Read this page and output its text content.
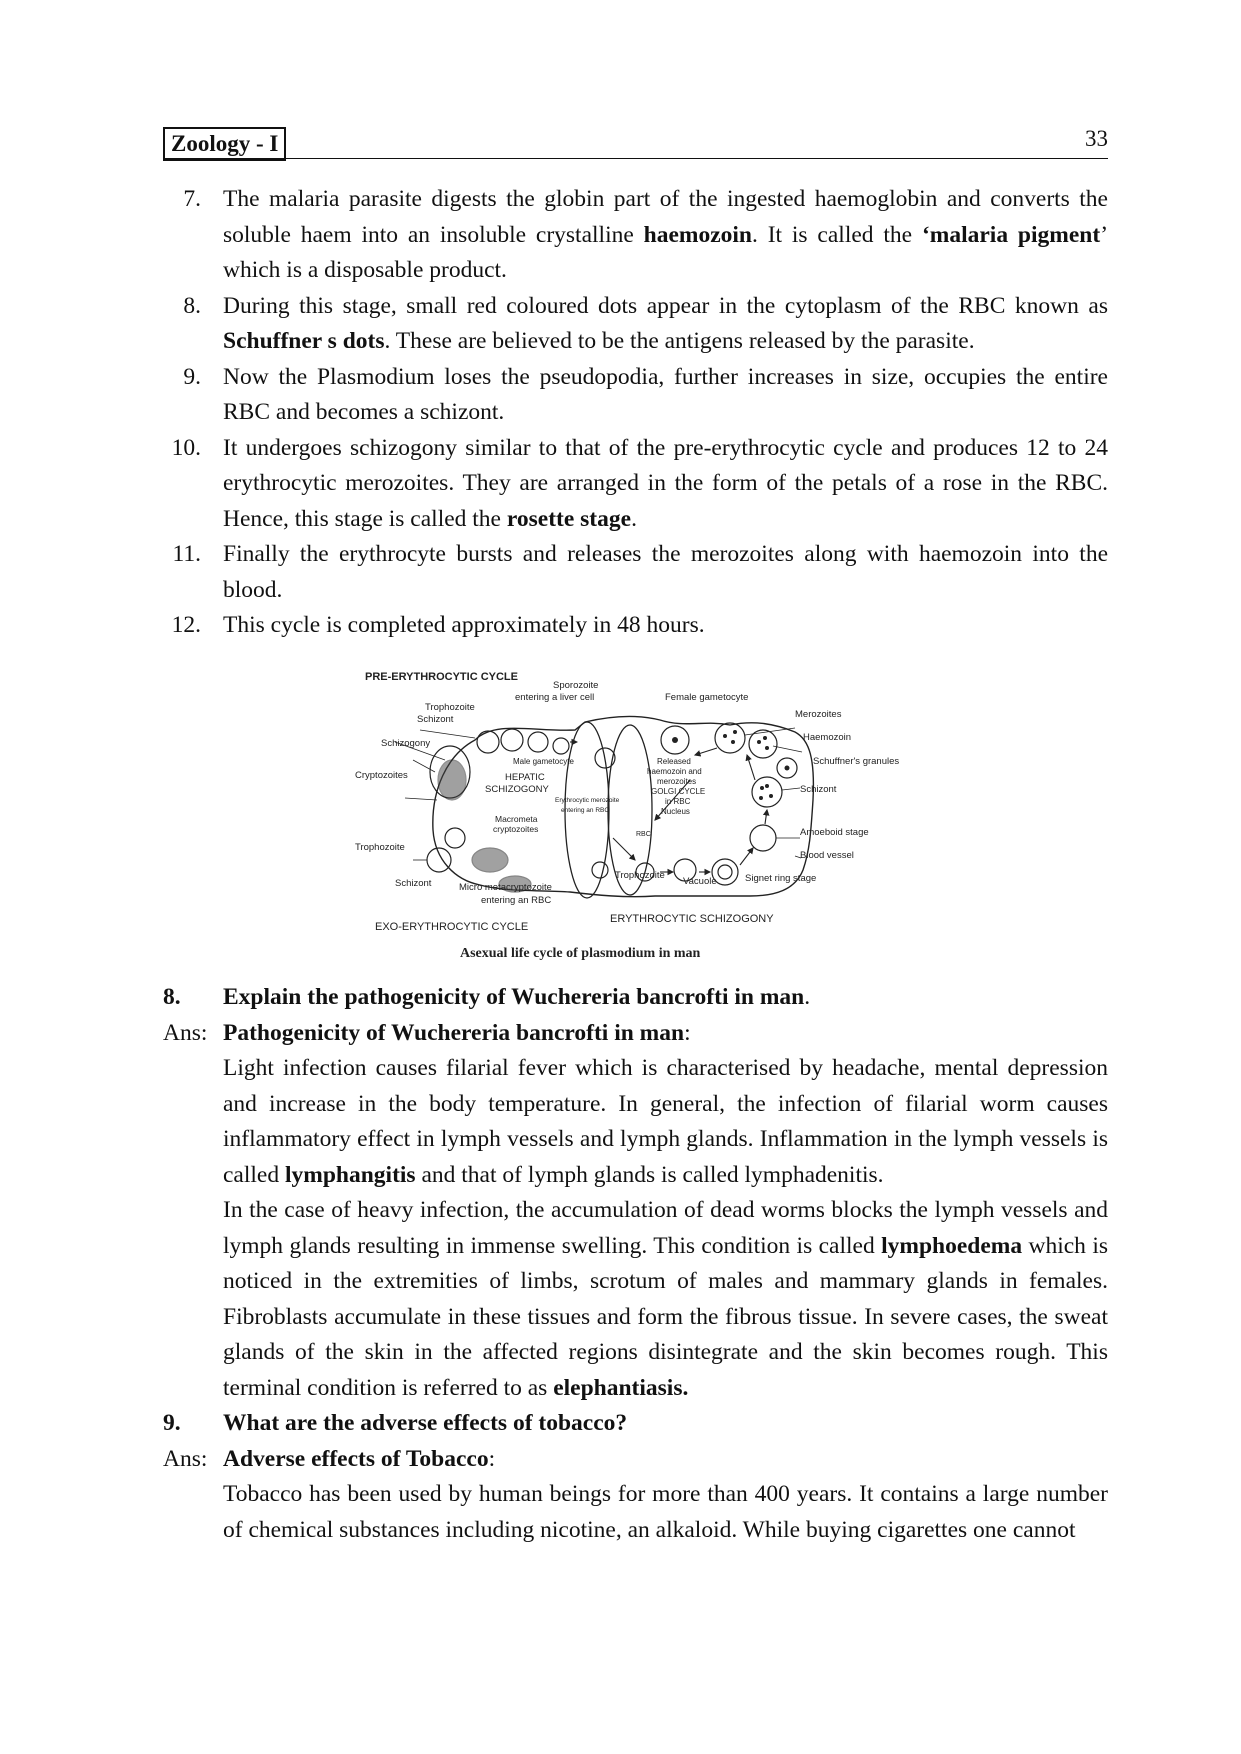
Zoology - I	33
7. The malaria parasite digests the globin part of the ingested haemoglobin and converts the soluble haem into an insoluble crystalline haemozoin. It is called the ‘malaria pigment’ which is a disposable product.
8. During this stage, small red coloured dots appear in the cytoplasm of the RBC known as Schuffner s dots. These are believed to be the antigens released by the parasite.
9. Now the Plasmodium loses the pseudopodia, further increases in size, occupies the entire RBC and becomes a schizont.
10. It undergoes schizogony similar to that of the pre-erythrocytic cycle and produces 12 to 24 erythrocytic merozoites. They are arranged in the form of the petals of a rose in the RBC. Hence, this stage is called the rosette stage.
11. Finally the erythrocyte bursts and releases the merozoites along with haemozoin into the blood.
12. This cycle is completed approximately in 48 hours.
PRE-ERYTHROCYTIC CYCLE
Sporozoite
entering a liver cell	Female gametocyte
Trophozoite
Schizont	Merozoites
Haemozoin
Schizogony
Schuffner's granules
Cryptozoites
Male gametocyte	Released
haemozoin and
merozoites
GOLGI CYCLE
in RBC
Nucleus
HEPATIC
SCHIZOGONY	Schizont
Erythrocytic merozoite
entering an RBC
Macrometa
cryptozoites
RBC	Amoeboid stage
Trophozoite
Blood vessel
Trophozoite
Vacuole	Signet ring stage
Schizont	Micro metacryptozoite
entering an RBC
EXO-ERYTHROCYTIC CYCLE
ERYTHROCYTIC SCHIZOGONY
Asexual life cycle of plasmodium in man
8. Explain the pathogenicity of Wuchereria bancrofti in man.
Ans: Pathogenicity of Wuchereria bancrofti in man:
Light infection causes filarial fever which is characterised by headache, mental depression and increase in the body temperature. In general, the infection of filarial worm causes inflammatory effect in lymph vessels and lymph glands. Inflammation in the lymph vessels is called lymphangitis and that of lymph glands is called lymphadenitis.
In the case of heavy infection, the accumulation of dead worms blocks the lymph vessels and lymph glands resulting in immense swelling. This condition is called lymphoedema which is noticed in the extremities of limbs, scrotum of males and mammary glands in females. Fibroblasts accumulate in these tissues and form the fibrous tissue. In severe cases, the sweat glands of the skin in the affected regions disintegrate and the skin becomes rough. This terminal condition is referred to as elephantiasis.
9. What are the adverse effects of tobacco?
Ans: Adverse effects of Tobacco:
Tobacco has been used by human beings for more than 400 years. It contains a large number of chemical substances including nicotine, an alkaloid. While buying cigarettes one cannot
